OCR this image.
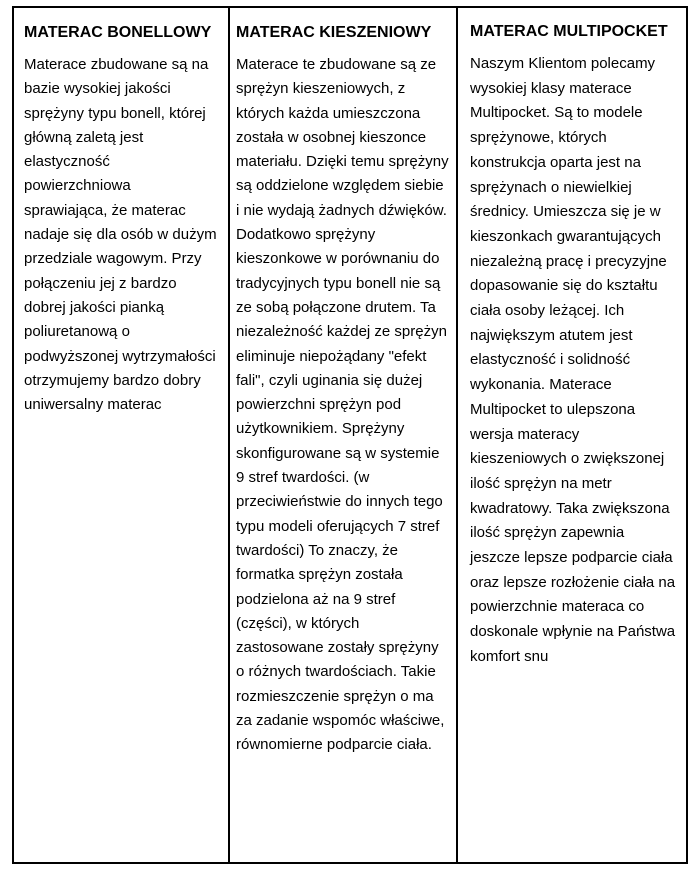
MATERAC BONELLOWY

Materace zbudowane są na bazie wysokiej jakości sprężyny typu bonell, której główną zaletą jest elastyczność powierzchniowa sprawiająca, że materac nadaje się dla osób w dużym przedziale wagowym. Przy połączeniu jej z bardzo dobrej jakości pianką poliuretanową o podwyższonej wytrzymałości otrzymujemy bardzo dobry uniwersalny materac

MATERAC KIESZENIOWY

Materace te zbudowane są ze sprężyn kieszeniowych, z których każda umieszczona została w osobnej kieszonce materiału. Dzięki temu sprężyny są oddzielone względem siebie i nie wydają żadnych dźwięków. Dodatkowo sprężyny kieszonkowe w porównaniu do tradycyjnych typu bonell nie są ze sobą połączone drutem. Ta niezależność każdej ze sprężyn eliminuje niepożądany "efekt fali", czyli uginania się dużej powierzchni sprężyn pod użytkownikiem. Sprężyny skonfigurowane są w systemie 9 stref twardości. (w przeciwieństwie do innych tego typu modeli oferujących 7 stref twardości) To znaczy, że formatka sprężyn została podzielona aż na 9 stref (części), w których zastosowane zostały sprężyny o różnych twardościach. Takie rozmieszczenie sprężyn o ma za zadanie wspomóc właściwe, równomierne podparcie ciała.

MATERAC MULTIPOCKET

Naszym Klientom polecamy wysokiej klasy materace Multipocket. Są to modele sprężynowe, których konstrukcja oparta jest na sprężynach o niewielkiej średnicy. Umieszcza się je w kieszonkach gwarantujących niezależną pracę i precyzyjne dopasowanie się do kształtu ciała osoby leżącej. Ich największym atutem jest elastyczność i solidność wykonania. Materace Multipocket to ulepszona wersja materacy kieszeniowych o zwiększonej ilość sprężyn na metr kwadratowy. Taka zwiększona ilość sprężyn zapewnia jeszcze lepsze podparcie ciała oraz lepsze rozłożenie ciała na powierzchnie materaca co doskonale wpłynie na Państwa komfort snu
